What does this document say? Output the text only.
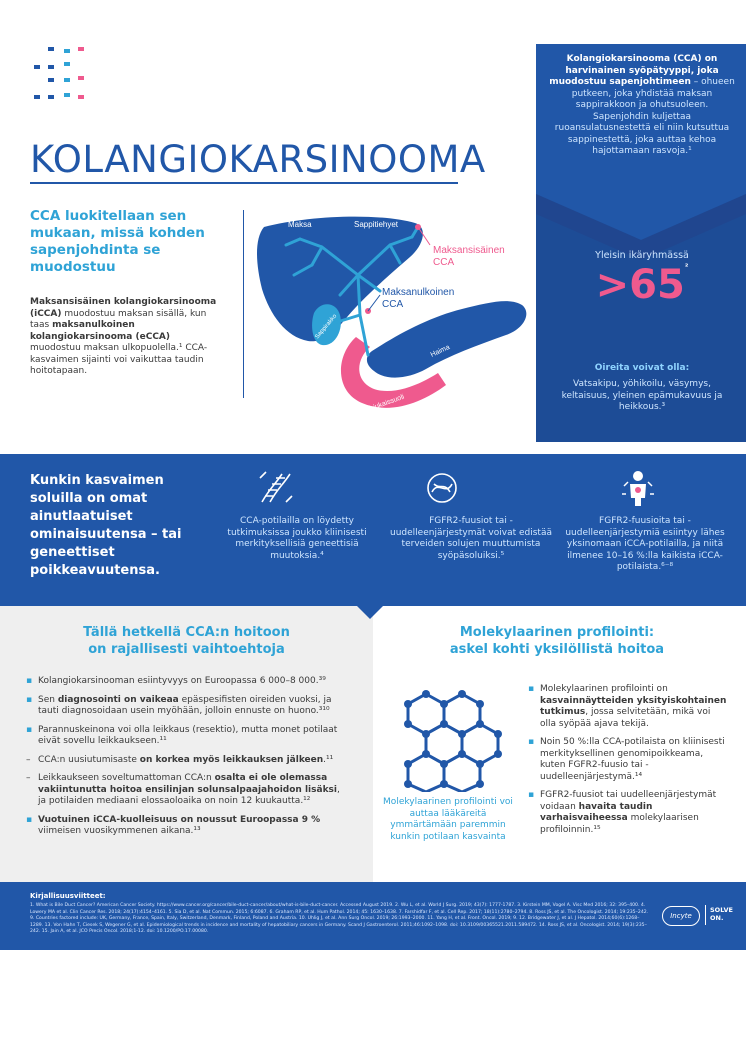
KOLANGIOKARSINOOMA
CCA luokitellaan sen mukaan, missä kohden sapenjohdinta se muodostuu
Maksansisäinen kolangiokarsinooma (iCCA) muodostuu maksan sisällä, kun taas maksanulkoinen kolangiokarsinooma (eCCA) muodostuu maksan ulkopuolella.¹ CCA-kasvaimen sijainti voi vaikuttaa taudin hoitotapaan.
Maksa	Sappitiehyet
Sappirakko
Haima
Pohjukaissuoli
Maksansisäinen
CCA
Maksanulkoinen
CCA
Kolangiokarsinooma (CCA) on harvinainen syöpätyyppi, joka muodostuu sapenjohtimeen – ohueen putkeen, joka yhdistää maksan sappirakkoon ja ohutsuoleen. Sapenjohdin kuljettaa ruoansulatusnestettä eli niin kutsuttua sappinestettä, joka auttaa kehoa hajottamaan rasvoja.¹
Yleisin ikäryhmässä
$>65^{^2}$
Oireita voivat olla:
Vatsakipu, yöhikoilu, väsymys, keltaisuus, yleinen epämukavuus ja heikkous.³
Kunkin kasvaimen soluilla on omat ainutlaatuiset ominaisuutensa – tai geneettiset poikkeavuutensa.
CCA-potilailla on löydetty tutkimuksissa joukko kliinisesti merkityksellisiä geneettisiä muutoksia.⁴
FGFR2-fuusiot tai -uudelleenjärjestymät voivat edistää terveiden solujen muuttumista syöpäsoluiksi.⁵
FGFR2-fuusioita tai -uudelleenjärjestymiä esiintyy lähes yksinomaan iCCA-potilailla, ja niitä ilmenee 10–16 %:lla kaikista iCCA-potilaista.⁶⁻⁸
Tällä hetkellä CCA:n hoitoon
on rajallisesti vaihtoehtoja
▪ Kolangiokarsinooman esiintyvyys on Euroopassa 6 000–8 000.³⁹
▪ Sen diagnosointi on vaikeaa epäspesifisten oireiden vuoksi, ja tauti diagnosoidaan usein myöhään, jolloin ennuste on huono.³¹⁰
▪ Parannuskeinona voi olla leikkaus (resektio), mutta monet potilaat eivät sovellu leikkaukseen.¹¹
– CCA:n uusiutumisaste on korkea myös leikkauksen jälkeen.¹¹
– Leikkaukseen soveltumattoman CCA:n osalta ei ole olemassa vakiintunutta hoitoa ensilinjan solunsalpaajahoidon lisäksi, ja potilaiden mediaani elossaoloaika on noin 12 kuukautta.¹²
▪ Vuotuinen iCCA-kuolleisuus on noussut Euroopassa 9 % viimeisen vuosikymmenen aikana.¹³
Molekylaarinen profilointi:
askel kohti yksilöllistä hoitoa
Molekylaarinen profilointi voi auttaa lääkäreitä ymmärtämään paremmin kunkin potilaan kasvainta
▪ Molekylaarinen profilointi on kasvainnäytteiden yksityiskohtainen tutkimus, jossa selvitetään, mikä voi olla syöpää ajava tekijä.
▪ Noin 50 %:lla CCA-potilaista on kliinisesti merkityksellinen genomipoikkeama, kuten FGFR2-fuusio tai -uudelleenjärjestymä.¹⁴
▪ FGFR2-fuusiot tai uudelleenjärjestymät voidaan havaita taudin varhaisvaiheessa molekylaarisen profiloinnin.¹⁵
Kirjallisuusviitteet:
1. What is Bile Duct Cancer? American Cancer Society. https://www.cancer.org/cancer/bile-duct-cancer/about/what-is-bile-duct-cancer. Accessed August 2019. 2. Wu L, et al. World J Surg. 2019; 43(7): 1777-1787. 3. Kirstein MM, Vogel A. Visc Med 2016; 32: 395–400. 4. Lowery MA et al. Clin Cancer Res. 2018; 24(17):4154–4161. 5. Sia D, et al. Nat Commun. 2015; 6:6087. 6. Graham RP, et al. Hum Pathol. 2014; 45: 1630–1638. 7. Farshidfar F, et al. Cell Rep. 2017; 18(11):2780–2794. 8. Ross JS, et al. The Oncologist. 2014; 19:235–242. 9. Countries factored include: UK, Germany, France, Spain, Italy, Switzerland, Denmark, Finland, Poland and Austria. 10. Uhlig J, et al. Ann Surg Oncol. 2019; 26:1993–2000. 11. Yang H, et al. Front. Oncol. 2019; 9. 12. Bridgewater J, et al. J Hepatol. 2014;60(6):1268–1289. 13. Von Hahn T, Ciesek S, Wegener G, et al. Epidemiological trends in incidence and mortality of hepatobiliary cancers in Germany. Scand J Gastroenterol. 2011;46:1092–1098. doi: 10.3109/00365521.2011.589472. 14. Ross JS, et al. Oncologist. 2014; 19(3):235–242. 15. Jain A, et al. JCO Precis Oncol. 2018;1-12. doi: 10.1200/PO.17.00080.
Incyte
SOLVE
ON.
